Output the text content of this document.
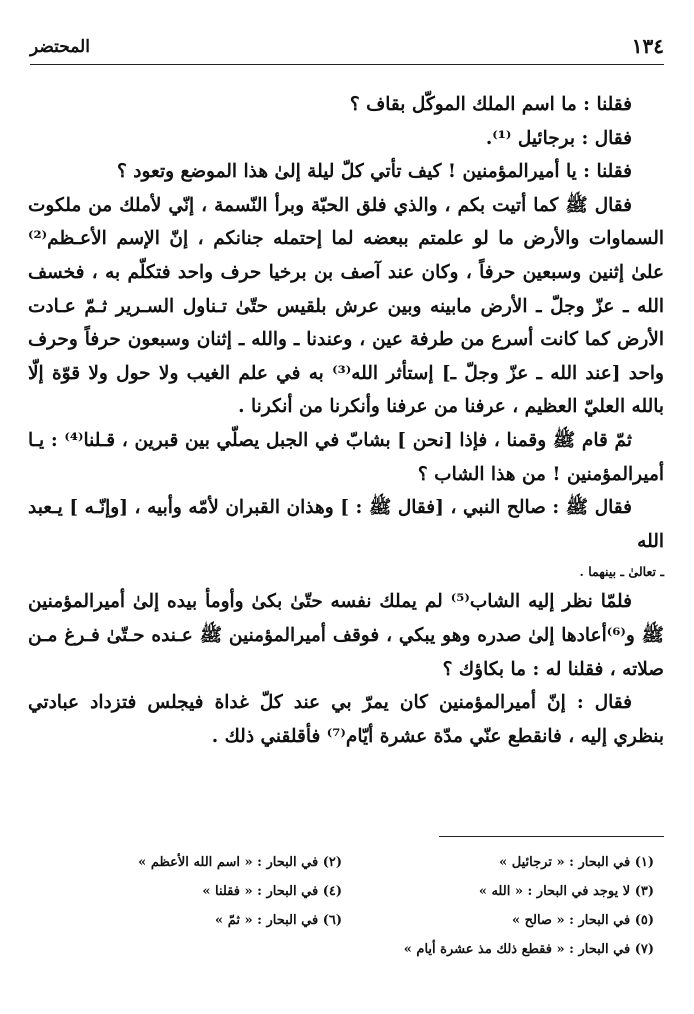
١٣٤
المحتضر

فقلنا : ما اسم الملك الموكّل بقاف ؟

فقال : برجائيل ⁽¹⁾.

فقلنا : يا أميرالمؤمنين ! كيف تأتي كلّ ليلة إلىٰ هذا الموضع وتعود ؟

فقال ﷺ كما أتيت بكم ، والذي فلق الحبّة وبرأ النّسمة ، إنّي لأملك من ملكوت السماوات والأرض ما لو علمتم ببعضه لما إحتمله جنانكم ، إنّ الإسم الأعـظم⁽²⁾ علىٰ إثنين وسبعين حرفاً ، وكان عند آصف بن برخيا حرف واحد فتكلّم به ، فخسف الله ـ عزّ وجلّ ـ الأرض مابينه وبين عرش بلقيس حتّىٰ تـناول السـرير ثـمّ عـادت الأرض كما كانت أسرع من طرفة عين ، وعندنا ـ والله ـ إثنان وسبعون حرفاً وحرف واحد [عند الله ـ عزّ وجلّ ـ] إستأثر الله⁽³⁾ به في علم الغيب ولا حول ولا قوّة إلّا بالله العليّ العظيم ، عرفنا من عرفنا وأنكرنا من أنكرنا .

ثمّ قام ﷺ وقمنا ، فإذا [نحن ] بشابّ في الجبل يصلّي بين قبرين ، قـلنا⁽⁴⁾ : يـا أميرالمؤمنين ! من هذا الشاب ؟

فقال ﷺ : صالح النبي ، [فقال ﷺ : ] وهذان القبران لأمّه وأبيه ، [وإنّـه ] يـعبد الله

ـ تعالىٰ ـ بينهما .

فلمّا نظر إليه الشاب⁽⁵⁾ لم يملك نفسه حتّىٰ بكىٰ وأومأ بيده إلىٰ أميرالمؤمنين ﷺ و⁽⁶⁾أعادها إلىٰ صدره وهو يبكي ، فوقف أميرالمؤمنين ﷺ عـنده حـتّىٰ فـرغ مـن صلاته ، فقلنا له : ما بكاؤك ؟

فقال : إنّ أميرالمؤمنين كان يمرّ بي عند كلّ غداة فيجلس فتزداد عبادتي بنظري إليه ، فانقطع عنّي مدّة عشرة أيّام⁽⁷⁾ فأقلقني ذلك .

(١) في البحار : « ترجائيل »
(٢) في البحار : « اسم الله الأعظم »
(٣) لا يوجد في البحار : « الله »
(٤) في البحار : « فقلنا »
(٥) في البحار : « صالح »
(٦) في البحار : « ثمّ »
(٧) في البحار : « فقطع ذلك مذ عشرة أيام »
